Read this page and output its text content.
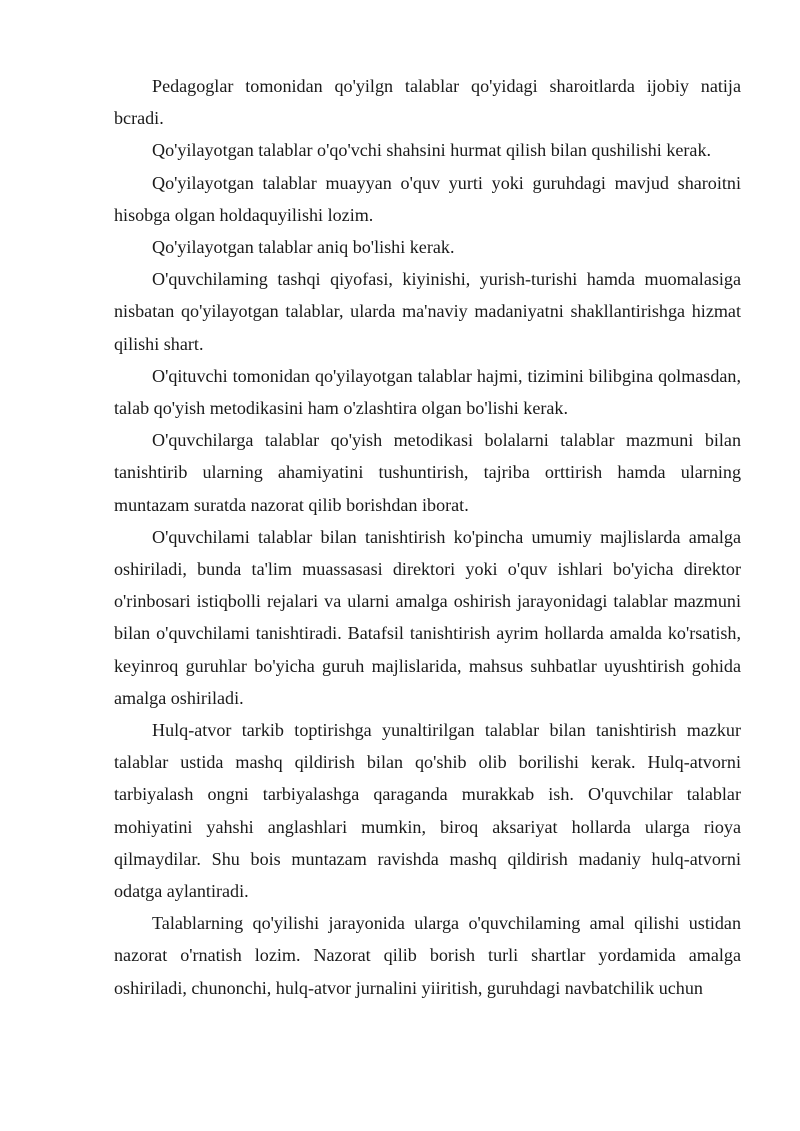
Pedagoglar tomonidan qo'yilgn talablar qo'yidagi sharoitlarda ijobiy natija bcradi.

Qo'yilayotgan talablar o'qo'vchi shahsini hurmat qilish bilan qushilishi kerak.

Qo'yilayotgan talablar muayyan o'quv yurti yoki guruhdagi mavjud sharoitni hisobga olgan holdaquyilishi lozim.

Qo'yilayotgan talablar aniq bo'lishi kerak.

O'quvchilaming tashqi qiyofasi, kiyinishi, yurish-turishi hamda muomalasiga nisbatan qo'yilayotgan talablar, ularda ma'naviy madaniyatni shakllantirishga hizmat qilishi shart.

O'qituvchi tomonidan qo'yilayotgan talablar hajmi, tizimini bilibgina qolmasdan, talab qo'yish metodikasini ham o'zlashtira olgan bo'lishi kerak.

O'quvchilarga talablar qo'yish metodikasi bolalarni talablar mazmuni bilan tanishtirib ularning ahamiyatini tushuntirish, tajriba orttirish hamda ularning muntazam suratda nazorat qilib borishdan iborat.

O'quvchilami talablar bilan tanishtirish ko'pincha umumiy majlislarda amalga oshiriladi, bunda ta'lim muassasasi direktori yoki o'quv ishlari bo'yicha direktor o'rinbosari istiqbolli rejalari va ularni amalga oshirish jarayonidagi talablar mazmuni bilan o'quvchilami tanishtiradi. Batafsil tanishtirish ayrim hollarda amalda ko'rsatish, keyinroq guruhlar bo'yicha guruh majlislarida, mahsus suhbatlar uyushtirish gohida amalga oshiriladi.

Hulq-atvor tarkib toptirishga yunaltirilgan talablar bilan tanishtirish mazkur talablar ustida mashq qildirish bilan qo'shib olib borilishi kerak. Hulq-atvorni tarbiyalash ongni tarbiyalashga qaraganda murakkab ish. O'quvchilar talablar mohiyatini yahshi anglashlari mumkin, biroq aksariyat hollarda ularga rioya qilmaydilar. Shu bois muntazam ravishda mashq qildirish madaniy hulq-atvorni odatga aylantiradi.

Talablarning qo'yilishi jarayonida ularga o'quvchilaming amal qilishi ustidan nazorat o'rnatish lozim. Nazorat qilib borish turli shartlar yordamida amalga oshiriladi, chunonchi, hulq-atvor jurnalini yiiritish, guruhdagi navbatchilik uchun
